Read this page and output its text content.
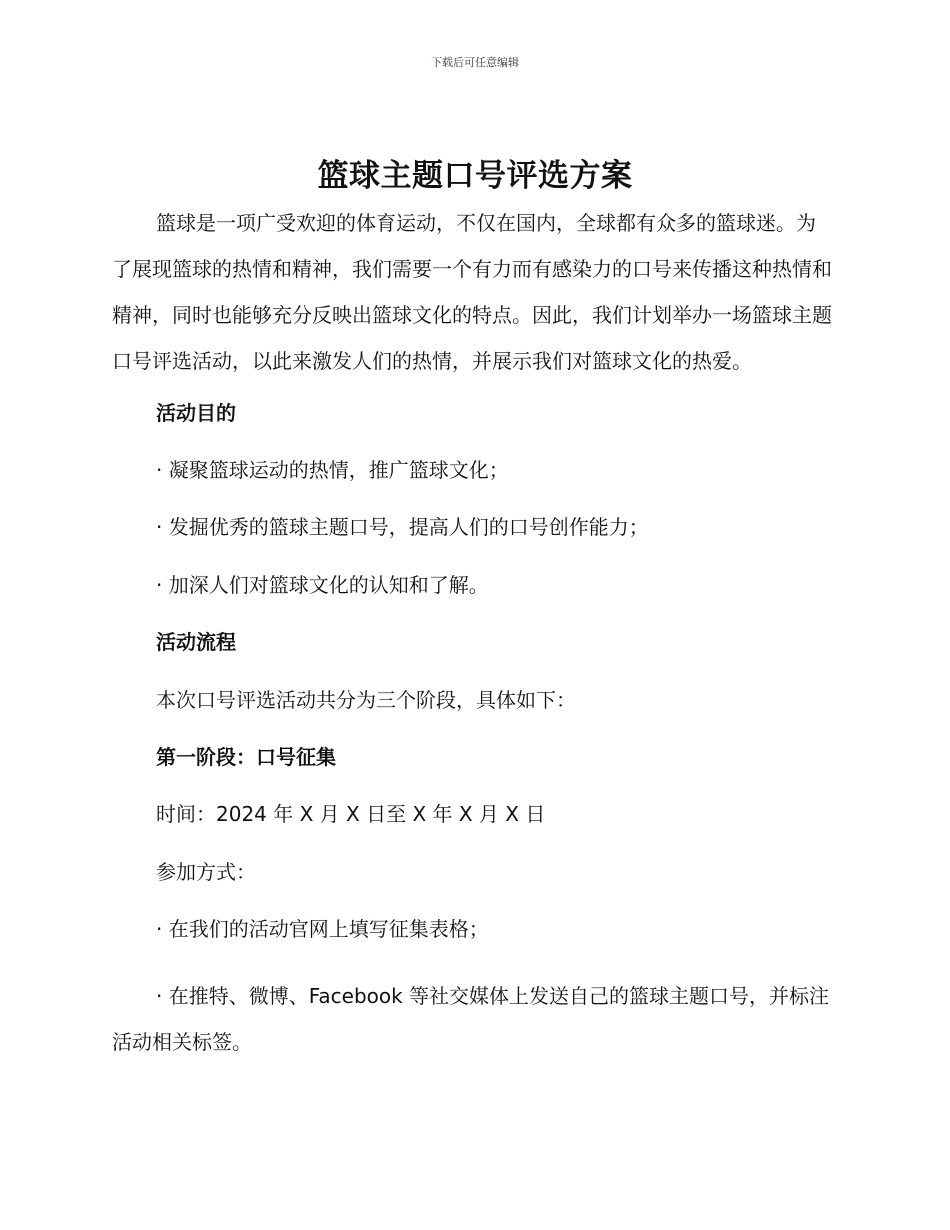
下载后可任意编辑
篮球主题口号评选方案

篮球是一项广受欢迎的体育运动，不仅在国内，全球都有众多的篮球迷。为了展现篮球的热情和精神，我们需要一个有力而有感染力的口号来传播这种热情和精神，同时也能够充分反映出篮球文化的特点。因此，我们计划举办一场篮球主题口号评选活动，以此来激发人们的热情，并展示我们对篮球文化的热爱。

活动目的

· 凝聚篮球运动的热情，推广篮球文化；

· 发掘优秀的篮球主题口号，提高人们的口号创作能力；

· 加深人们对篮球文化的认知和了解。

活动流程

本次口号评选活动共分为三个阶段，具体如下：

第一阶段：口号征集

时间：2024 年 X 月 X 日至 X 年 X 月 X 日

参加方式：

· 在我们的活动官网上填写征集表格；

· 在推特、微博、Facebook 等社交媒体上发送自己的篮球主题口号，并标注活动相关标签。
